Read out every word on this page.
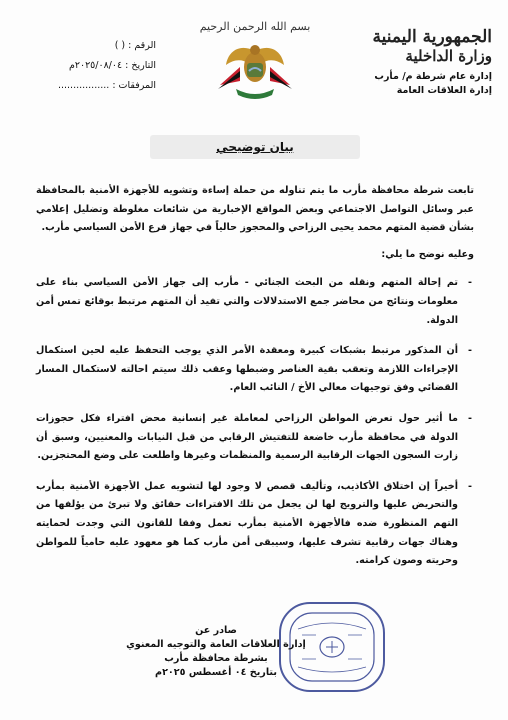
الجمهورية اليمنية
وزارة الداخلية
إدارة عام شرطة م/ مأرب
إدارة العلاقات العامة
بسم الله الرحمن الرحيم
الرقم : ( )
التاريخ : ٢٠٢٥/٠٨/٠٤م
المرفقات : .................
بيان توضيحي

تابعت شرطة محافظة مأرب ما يتم تناوله من حملة إساءة وتشويه للأجهزة الأمنية بالمحافظة عبر وسائل التواصل الاجتماعي وبعض المواقع الإخبارية من شائعات مغلوطة وتضليل إعلامي بشأن قضية المتهم محمد يحيى الرزاحي والمحجوز حالياً في جهاز فرع الأمن السياسي مأرب.

وعليه نوضح ما يلي:

- تم إحالة المتهم ونقله من البحث الجنائي - مأرب إلى جهاز الأمن السياسي بناء على معلومات ونتائج من محاضر جمع الاستدلالات والتي تفيد أن المتهم مرتبط بوقائع تمس أمن الدولة.

- أن المذكور مرتبط بشبكات كبيرة ومعقدة الأمر الذي يوجب التحفظ عليه لحين استكمال الإجراءات اللازمة وتعقب بقية العناصر وضبطها وعقب ذلك سيتم احالته لاستكمال المسار القضائي وفق توجيهات معالي الأخ / النائب العام.

- ما أثير حول تعرض المواطن الرزاحي لمعاملة غير إنسانية محض افتراء فكل حجوزات الدولة في محافظة مأرب خاضعة للتفتيش الرقابي من قبل النيابات والمعنيين، وسبق أن زارت السجون الجهات الرقابية الرسمية والمنظمات وغيرها واطلعت على وضع المحتجزين.

- أخيراً إن اختلاق الأكاذيب، وتأليف قصص لا وجود لها لتشويه عمل الأجهزة الأمنية بمأرب والتحريض عليها والترويج لها لن يجعل من تلك الافتراءات حقائق ولا تبرئ من يؤلفها من التهم المنظورة ضده فالأجهزة الأمنية بمأرب تعمل وفقا للقانون التي وجدت لحمايته وهناك جهات رقابية تشرف عليها، وسيبقى أمن مأرب كما هو معهود عليه حامياً للمواطن وحريته وصون كرامته.

صادر عن
إدارة العلاقات العامة والتوجيه المعنوي بشرطة محافظة مأرب
بتاريخ ٠٤ أغسطس ٢٠٢٥م
